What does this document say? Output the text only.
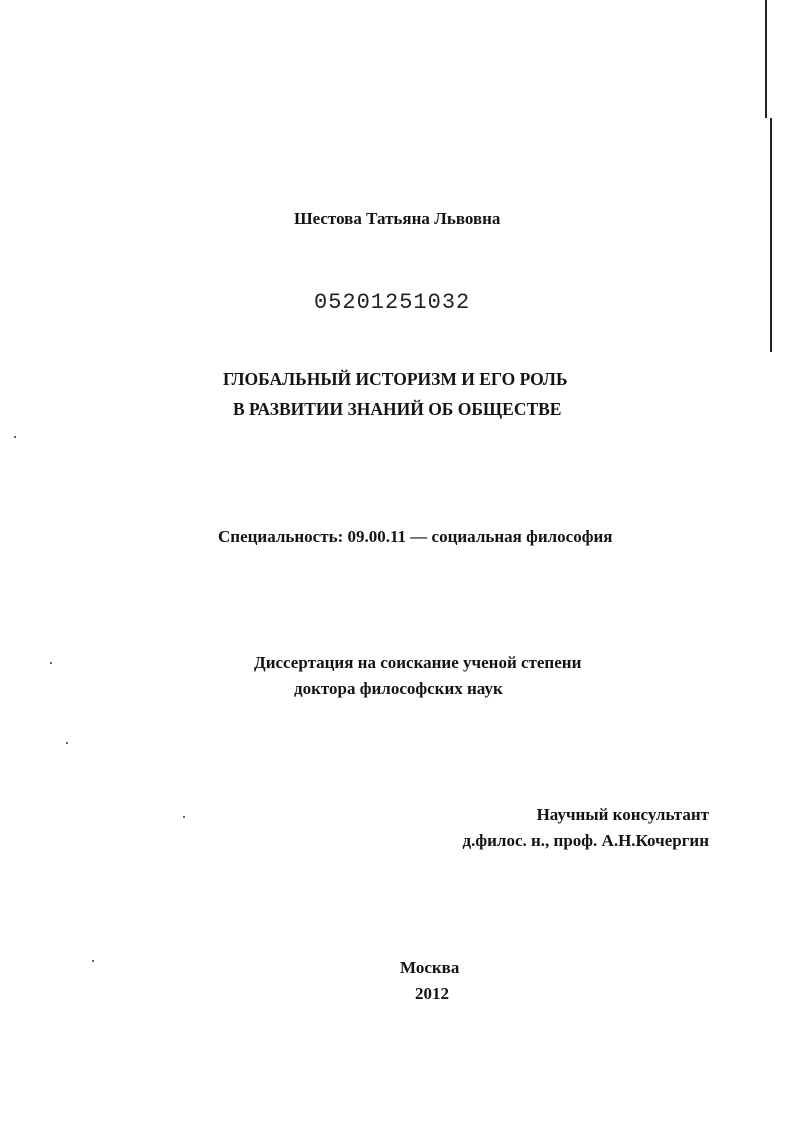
Шестова Татьяна Львовна
05201251032
ГЛОБАЛЬНЫЙ ИСТОРИЗМ И ЕГО РОЛЬ
В РАЗВИТИИ ЗНАНИЙ ОБ ОБЩЕСТВЕ
Специальность: 09.00.11 — социальная философия
Диссертация на соискание ученой степени
доктора философских наук
Научный консультант
д.филос. н., проф. А.Н.Кочергин
Москва
2012
